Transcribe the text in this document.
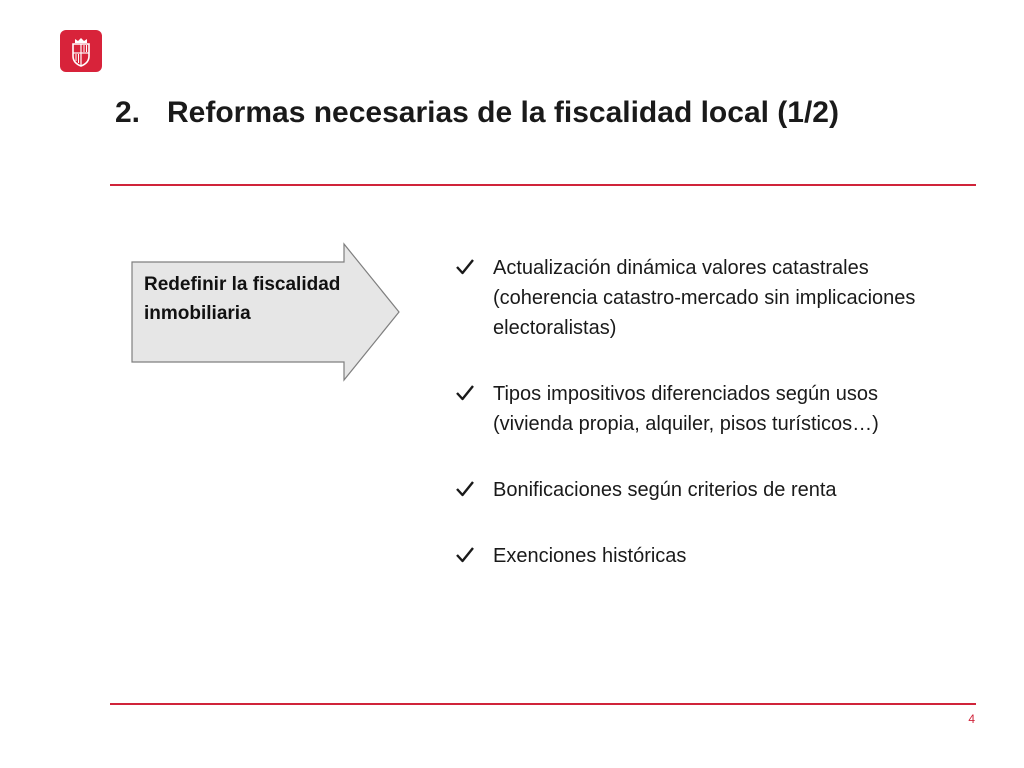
2. Reformas necesarias de la fiscalidad local (1/2)
Redefinir la fiscalidad inmobiliaria
Actualización dinámica valores catastrales (coherencia catastro-mercado sin implicaciones electoralistas)
Tipos impositivos diferenciados según usos (vivienda propia, alquiler, pisos turísticos…)
Bonificaciones según criterios de renta
Exenciones históricas
4
